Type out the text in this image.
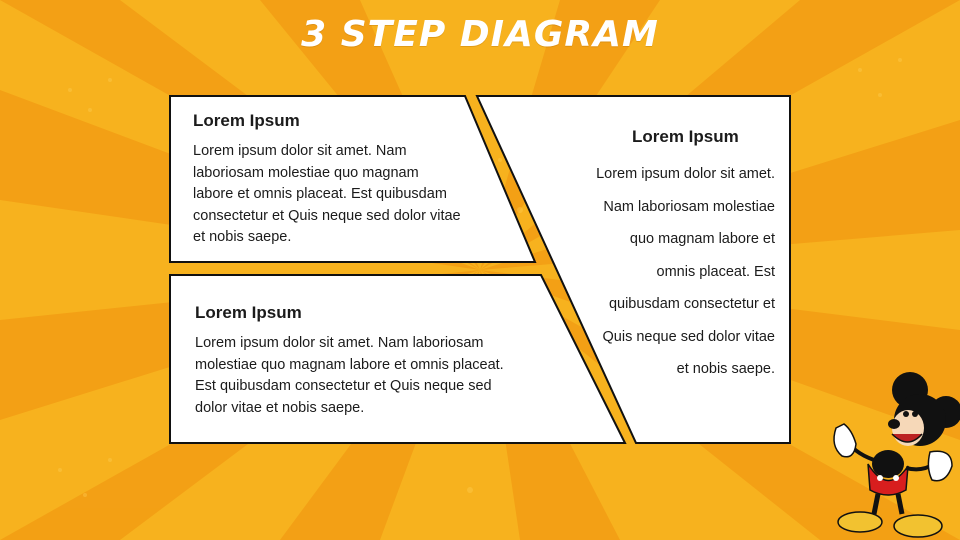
3 STEP DIAGRAM
Lorem Ipsum
Lorem ipsum dolor sit amet. Nam laboriosam molestiae quo magnam labore et omnis placeat. Est quibusdam consectetur et Quis neque sed dolor vitae et nobis saepe.
Lorem Ipsum
Lorem ipsum dolor sit amet. Nam laboriosam molestiae quo magnam labore et omnis placeat. Est quibusdam consectetur et Quis neque sed dolor vitae et nobis saepe.
Lorem Ipsum
Lorem ipsum dolor sit amet. Nam laboriosam molestiae quo magnam labore et omnis placeat. Est quibusdam consectetur et Quis neque sed dolor vitae et nobis saepe.
